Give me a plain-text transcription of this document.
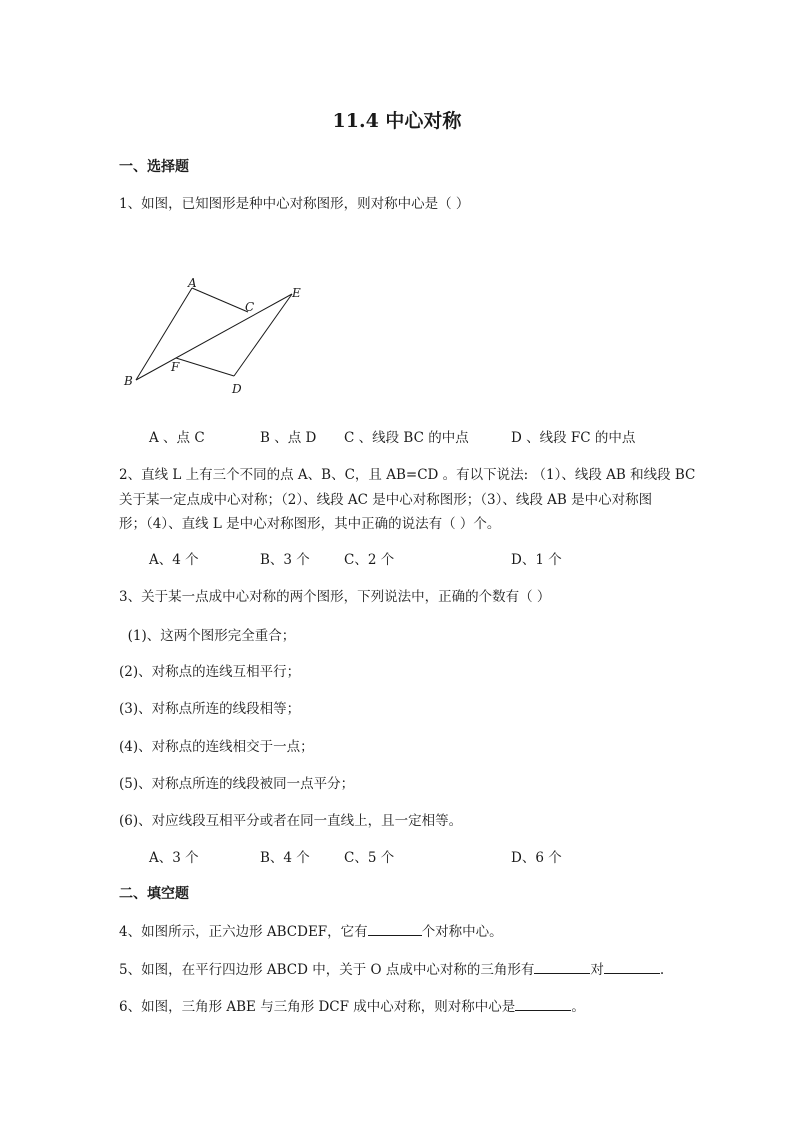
11.4 中心对称
一、选择题
1、如图，已知图形是种中心对称图形，则对称中心是（ ）
A
B
C
D
E
F
A 、点 C	B 、点 D C 、线段 BC 的中点	D 、线段 FC 的中点
2、直线 L 上有三个不同的点 A、B、C，且 AB=CD 。有以下说法: （1）、线段 AB 和线段 BC
关于某一定点成中心对称；（2）、线段 AC 是中心对称图形；（3）、线段 AB 是中心对称图
形；（4）、直线 L 是中心对称图形，其中正确的说法有（ ）个。
A、4 个	B、3 个	C、2 个	D、1 个
3、关于某一点成中心对称的两个图形，下列说法中，正确的个数有（ ）
(1)、这两个图形完全重合；
(2)、对称点的连线互相平行；
(3)、对称点所连的线段相等；
(4)、对称点的连线相交于一点；
(5)、对称点所连的线段被同一点平分；
(6)、对应线段互相平分或者在同一直线上，且一定相等。
A、3 个	B、4 个	C、5 个	D、6 个
二、填空题
4、如图所示，正六边形 ABCDEF，它有	个对称中心。
5、如图，在平行四边形 ABCD 中，关于 O 点成中心对称的三角形有	对	.
6、如图，三角形 ABE 与三角形 DCF 成中心对称，则对称中心是	。
